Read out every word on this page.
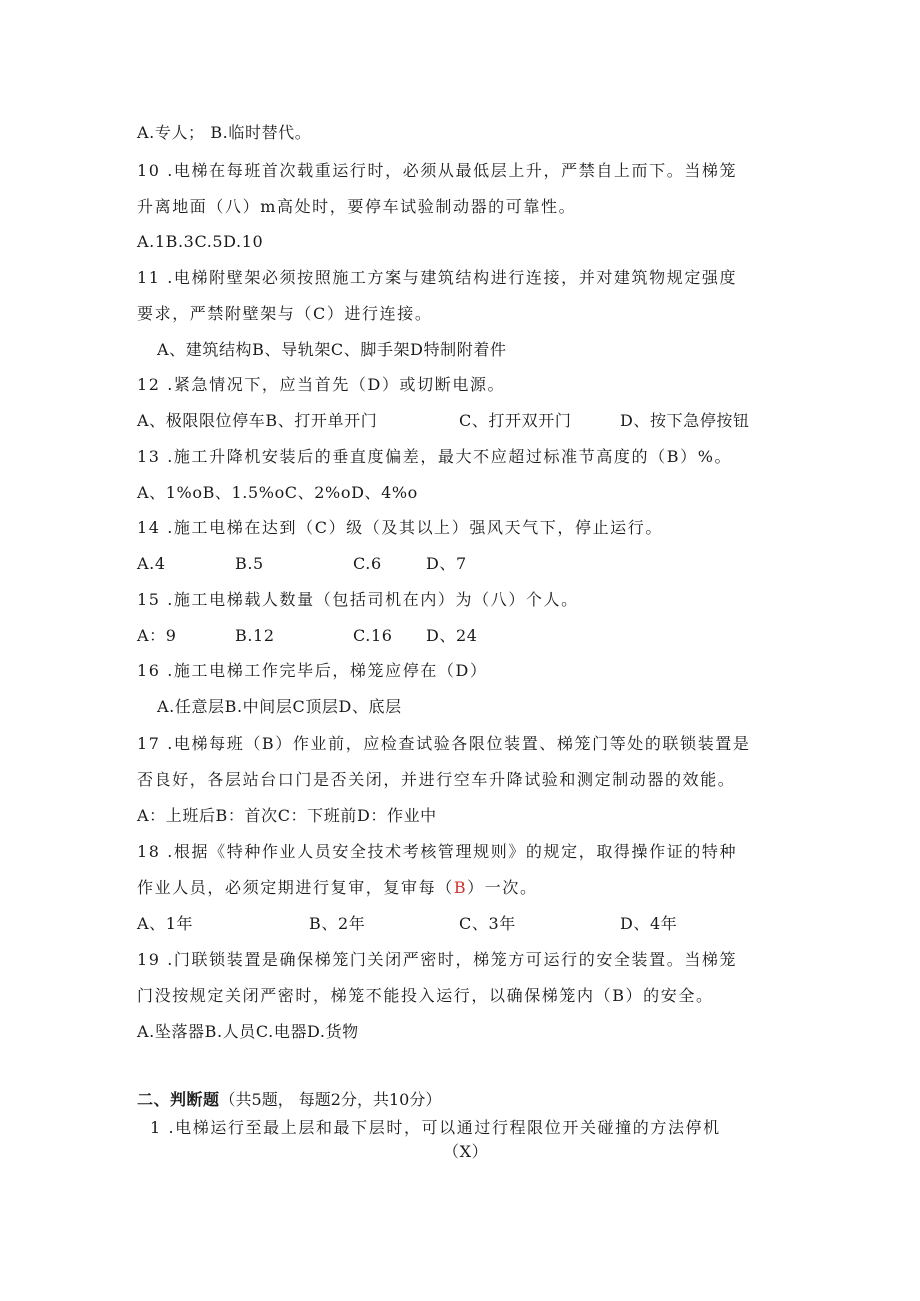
A.专人； B.临时替代。
10 .电梯在每班首次载重运行时，必须从最低层上升，严禁自上而下。当梯笼
升离地面（八）m高处时，要停车试验制动器的可靠性。
A.1B.3C.5D.10
11 .电梯附壁架必须按照施工方案与建筑结构进行连接，并对建筑物规定强度
要求，严禁附壁架与（C）进行连接。
A、建筑结构B、导轨架C、脚手架D特制附着件
12 .紧急情况下，应当首先（D）或切断电源。
A、极限限位停车B、打开单开门	C、打开双开门	D、按下急停按钮
13 .施工升降机安装后的垂直度偏差，最大不应超过标准节高度的（B）%。
A、1%oB、1.5%oC、2%oD、4%o
14 .施工电梯在达到（C）级（及其以上）强风天气下，停止运行。
A.4	B.5	C.6	D、7
15 .施工电梯载人数量（包括司机在内）为（八）个人。
A：9	B.12	C.16 D、24
16 .施工电梯工作完毕后，梯笼应停在（D）
A.任意层B.中间层C顶层D、底层
17 .电梯每班（B）作业前，应检查试验各限位装置、梯笼门等处的联锁装置是
否良好，各层站台口门是否关闭，并进行空车升降试验和测定制动器的效能。
A：上班后B：首次C：下班前D：作业中
18 .根据《特种作业人员安全技术考核管理规则》的规定，取得操作证的特种
作业人员，必须定期进行复审，复审每（B）一次。
A、1年	B、2年	C、3年	D、4年
19 .门联锁装置是确保梯笼门关闭严密时，梯笼方可运行的安全装置。当梯笼
门没按规定关闭严密时，梯笼不能投入运行，以确保梯笼内（B）的安全。
A.坠落器B.人员C.电器D.货物
二、判断题（共5题， 每题2分，共10分）
1 .电梯运行至最上层和最下层时，可以通过行程限位开关碰撞的方法停机
（X）
